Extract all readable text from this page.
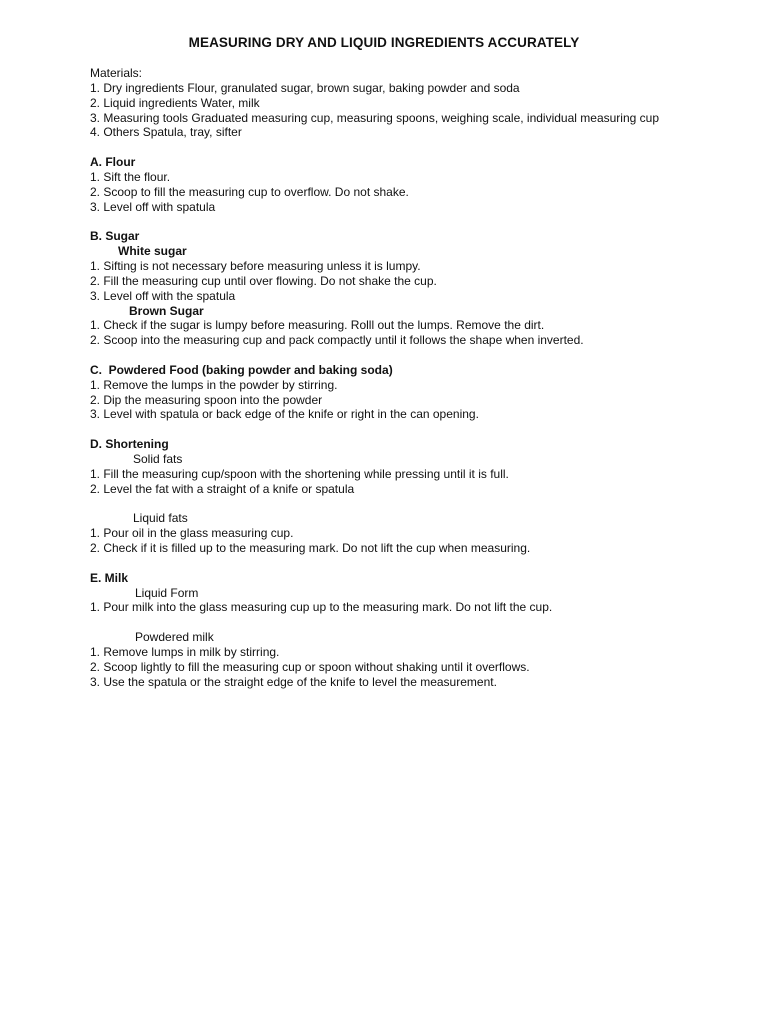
MEASURING DRY AND LIQUID INGREDIENTS ACCURATELY
Materials:
1. Dry ingredients Flour, granulated sugar, brown sugar, baking powder and soda
2. Liquid ingredients Water, milk
3. Measuring tools Graduated measuring cup, measuring spoons, weighing scale, individual measuring cup
4. Others Spatula, tray, sifter
A. Flour
1. Sift the flour.
2. Scoop to fill the measuring cup to overflow. Do not shake.
3. Level off with spatula
B. Sugar
White sugar
1. Sifting is not necessary before measuring unless it is lumpy.
2. Fill the measuring cup until over flowing. Do not shake the cup.
3. Level off with the spatula
Brown Sugar
1. Check if the sugar is lumpy before measuring. Rolll out the lumps. Remove the dirt.
2. Scoop into the measuring cup and pack compactly until it follows the shape when inverted.
C.  Powdered Food (baking powder and baking soda)
1. Remove the lumps in the powder by stirring.
2. Dip the measuring spoon into the powder
3. Level with spatula or back edge of the knife or right in the can opening.
D. Shortening
Solid fats
1. Fill the measuring cup/spoon with the shortening while pressing until it is full.
2. Level the fat with a straight of a knife or spatula
Liquid fats
1. Pour oil in the glass measuring cup.
2. Check if it is filled up to the measuring mark. Do not lift the cup when measuring.
E. Milk
Liquid Form
1. Pour milk into the glass measuring cup up to the measuring mark. Do not lift the cup.
Powdered milk
1. Remove lumps in milk by stirring.
2. Scoop lightly to fill the measuring cup or spoon without shaking until it overflows.
3. Use the spatula or the straight edge of the knife to level the measurement.
